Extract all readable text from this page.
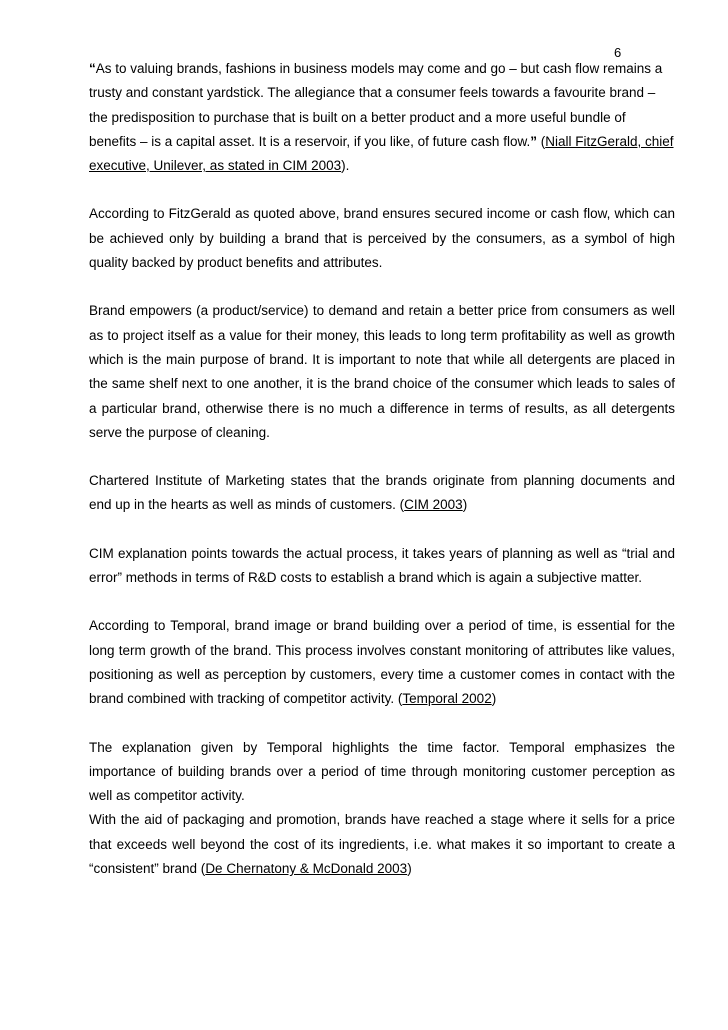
6

“As to valuing brands, fashions in business models may come and go – but cash flow remains a trusty and constant yardstick. The allegiance that a consumer feels towards a favourite brand – the predisposition to purchase that is built on a better product and a more useful bundle of benefits – is a capital asset. It is a reservoir, if you like, of future cash flow.” (Niall FitzGerald, chief executive, Unilever, as stated in CIM 2003).

According to FitzGerald as quoted above, brand ensures secured income or cash flow, which can be achieved only by building a brand that is perceived by the consumers, as a symbol of high quality backed by product benefits and attributes.

Brand empowers (a product/service) to demand and retain a better price from consumers as well as to project itself as a value for their money, this leads to long term profitability as well as growth which is the main purpose of brand. It is important to note that while all detergents are placed in the same shelf next to one another, it is the brand choice of the consumer which leads to sales of a particular brand, otherwise there is no much a difference in terms of results, as all detergents serve the purpose of cleaning.

Chartered Institute of Marketing states that the brands originate from planning documents and end up in the hearts as well as minds of customers. (CIM 2003)

CIM explanation points towards the actual process, it takes years of planning as well as “trial and error” methods in terms of R&D costs to establish a brand which is again a subjective matter.

According to Temporal, brand image or brand building over a period of time, is essential for the long term growth of the brand. This process involves constant monitoring of attributes like values, positioning as well as perception by customers, every time a customer comes in contact with the brand combined with tracking of competitor activity. (Temporal 2002)

The explanation given by Temporal highlights the time factor. Temporal emphasizes the importance of building brands over a period of time through monitoring customer perception as well as competitor activity.

With the aid of packaging and promotion, brands have reached a stage where it sells for a price that exceeds well beyond the cost of its ingredients, i.e. what makes it so important to create a “consistent” brand (De Chernatony & McDonald 2003)
